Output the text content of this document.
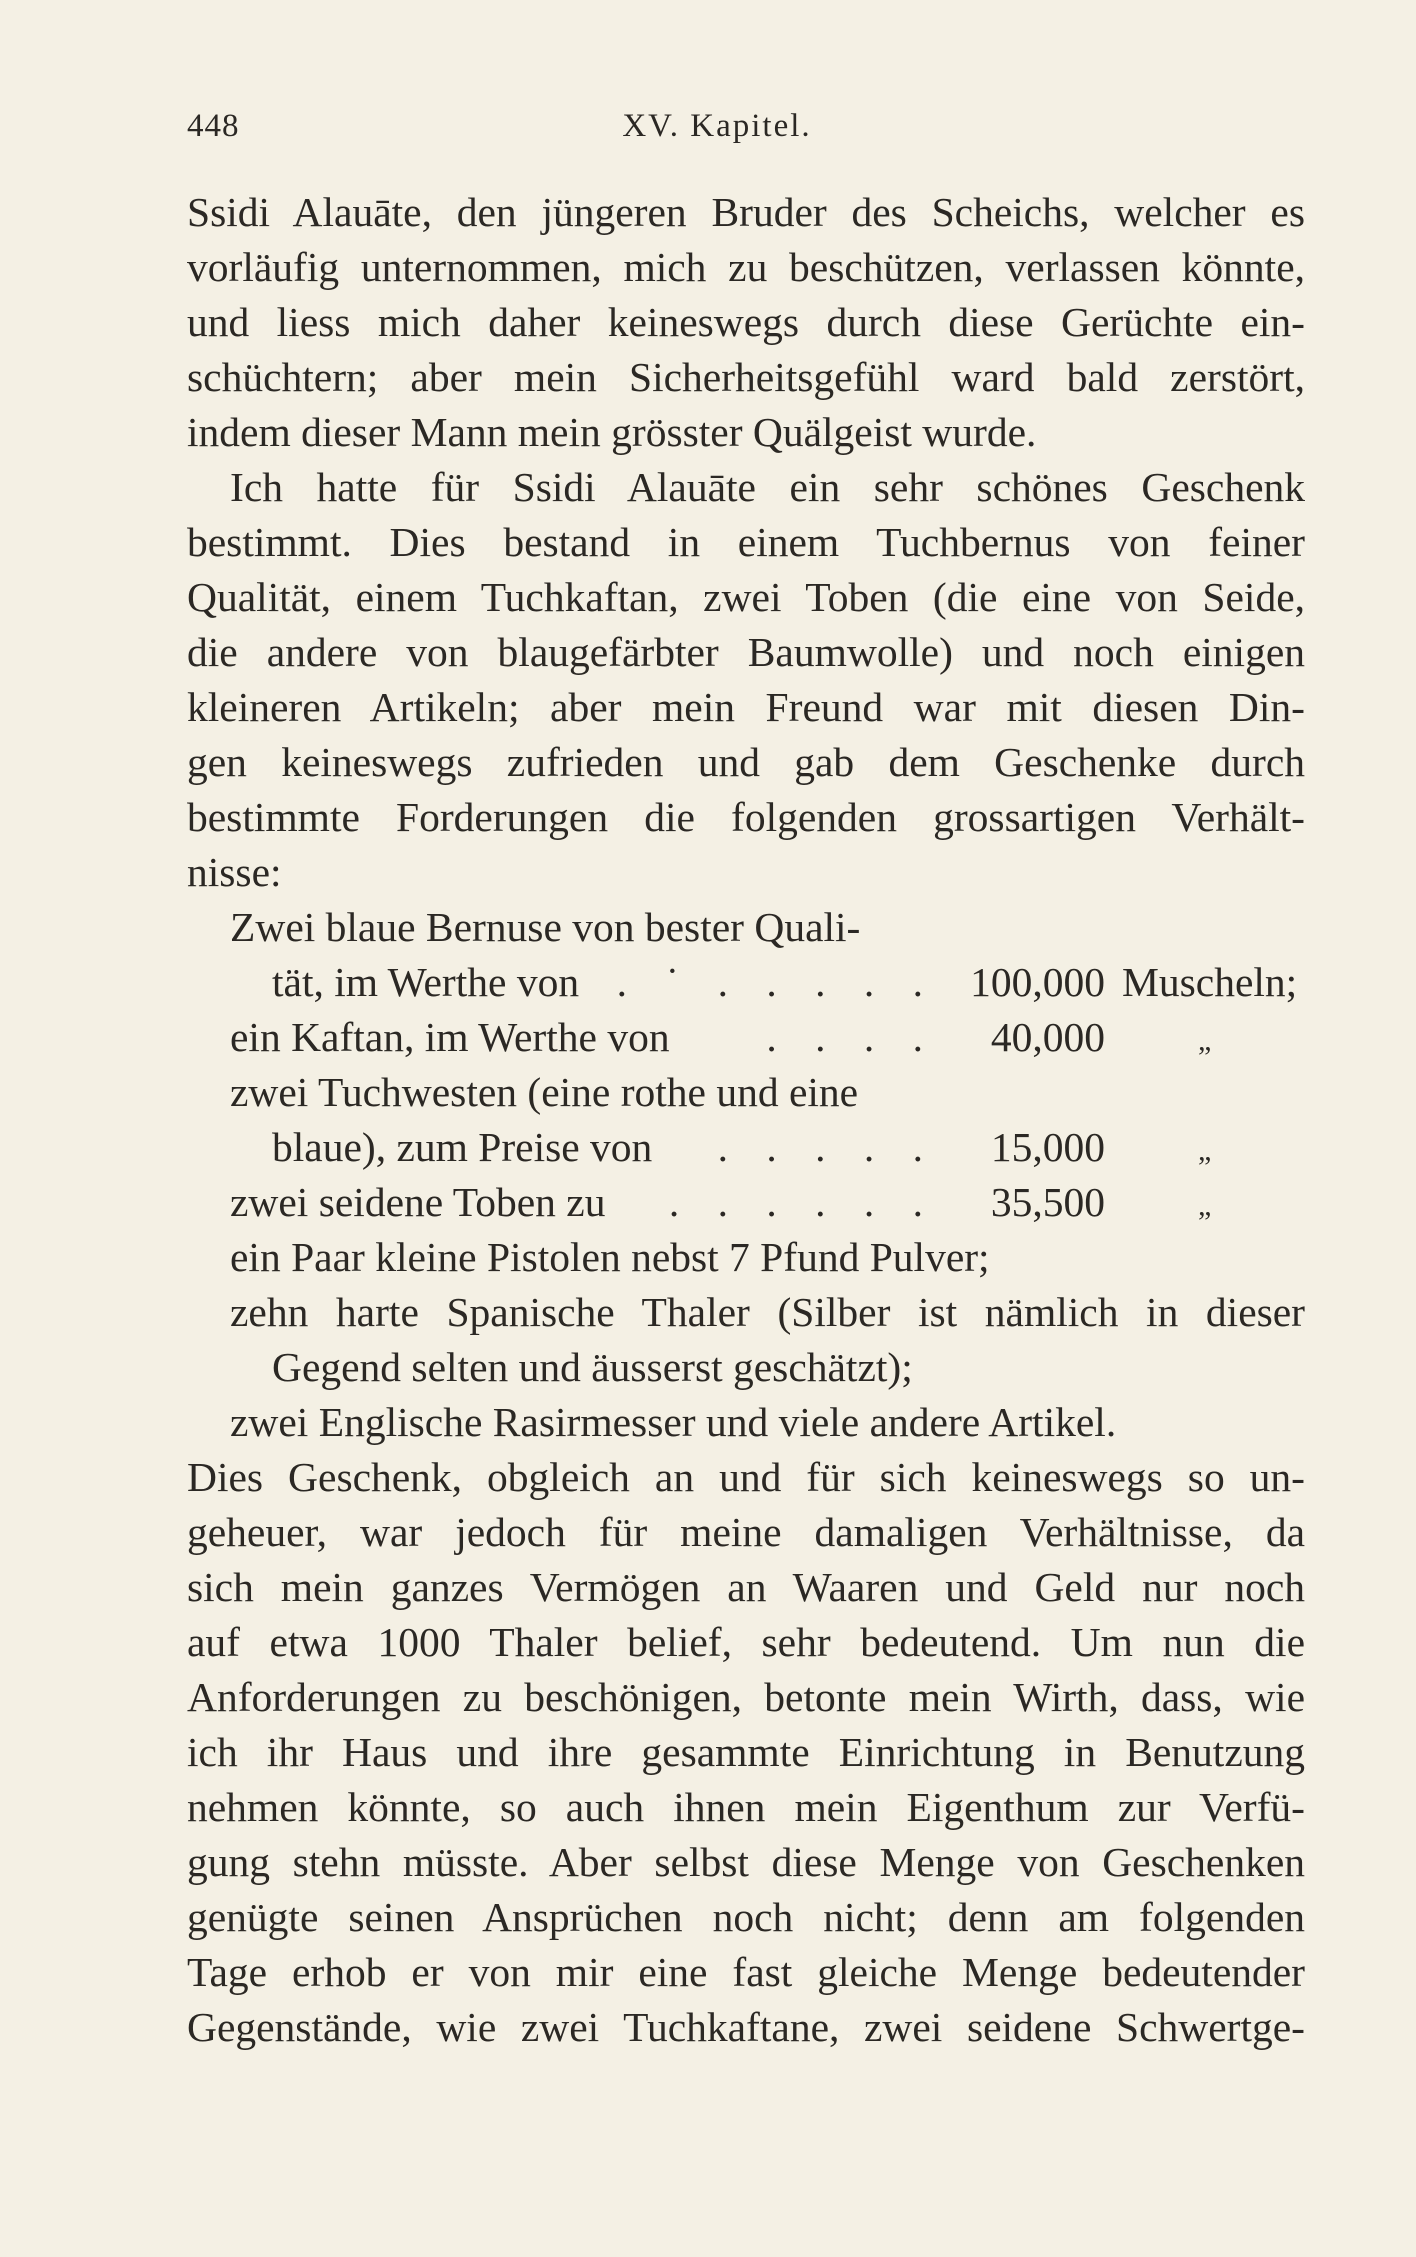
448	XV. Kapitel.
Ssidi Alauāte, den jüngeren Bruder des Scheichs, welcher es
vorläufig unternommen, mich zu beschützen, verlassen könnte,
und liess mich daher keineswegs durch diese Gerüchte ein-
schüchtern; aber mein Sicherheitsgefühl ward bald zerstört,
indem dieser Mann mein grösster Quälgeist wurde.
Ich hatte für Ssidi Alauāte ein sehr schönes Geschenk
bestimmt. Dies bestand in einem Tuchbernus von feiner
Qualität, einem Tuchkaftan, zwei Toben (die eine von Seide,
die andere von blaugefärbter Baumwolle) und noch einigen
kleineren Artikeln; aber mein Freund war mit diesen Din-
gen keineswegs zufrieden und gab dem Geschenke durch
bestimmte Forderungen die folgenden grossartigen Verhält-
nisse:
Zwei blaue Bernuse von bester Quali-
tät, im Werthe von . ˙ . . . . . 100,000 Muscheln;
ein Kaftan, im Werthe von . . . .	40,000	„
zwei Tuchwesten (eine rothe und eine
blaue), zum Preise von . . . . .	15,000	„
zwei seidene Toben zu . . . . . .	35,500	„
ein Paar kleine Pistolen nebst 7 Pfund Pulver;
zehn harte Spanische Thaler (Silber ist nämlich in dieser
Gegend selten und äusserst geschätzt);
zwei Englische Rasirmesser und viele andere Artikel.
Dies Geschenk, obgleich an und für sich keineswegs so un-
geheuer, war jedoch für meine damaligen Verhältnisse, da
sich mein ganzes Vermögen an Waaren und Geld nur noch
auf etwa 1000 Thaler belief, sehr bedeutend. Um nun die
Anforderungen zu beschönigen, betonte mein Wirth, dass, wie
ich ihr Haus und ihre gesammte Einrichtung in Benutzung
nehmen könnte, so auch ihnen mein Eigenthum zur Verfü-
gung stehn müsste. Aber selbst diese Menge von Geschenken
genügte seinen Ansprüchen noch nicht; denn am folgenden
Tage erhob er von mir eine fast gleiche Menge bedeutender
Gegenstände, wie zwei Tuchkaftane, zwei seidene Schwertge-
